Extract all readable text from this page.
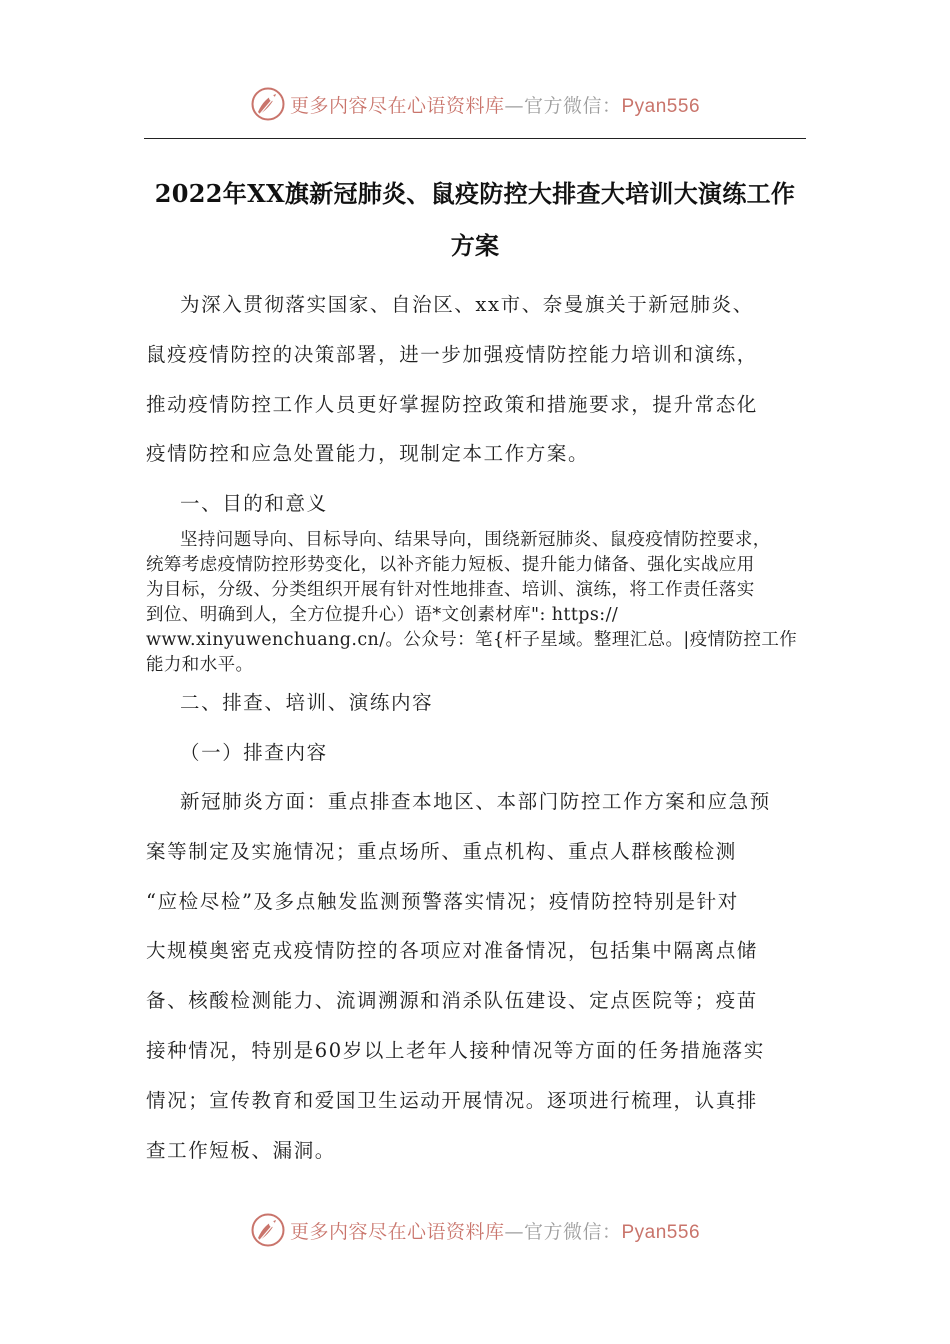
更多内容尽在心语资料库—官方微信：Pyan556
2022年XX旗新冠肺炎、鼠疫防控大排查大培训大演练工作
方案
为深入贯彻落实国家、自治区、xx市、奈曼旗关于新冠肺炎、
鼠疫疫情防控的决策部署，进一步加强疫情防控能力培训和演练，
推动疫情防控工作人员更好掌握防控政策和措施要求，提升常态化
疫情防控和应急处置能力，现制定本工作方案。
一、目的和意义
坚持问题导向、目标导向、结果导向，围绕新冠肺炎、鼠疫疫情防控要求，
统筹考虑疫情防控形势变化，以补齐能力短板、提升能力储备、强化实战应用
为目标，分级、分类组织开展有针对性地排查、培训、演练，将工作责任落实
到位、明确到人，全方位提升心）语*文创素材库": https://
www.xinyuwenchuang.cn/。公众号：笔{杆子星域。整理汇总。|疫情防控工作
能力和水平。
二、排查、培训、演练内容
（一）排查内容
新冠肺炎方面：重点排查本地区、本部门防控工作方案和应急预
案等制定及实施情况；重点场所、重点机构、重点人群核酸检测
“应检尽检”及多点触发监测预警落实情况；疫情防控特别是针对
大规模奥密克戎疫情防控的各项应对准备情况，包括集中隔离点储
备、核酸检测能力、流调溯源和消杀队伍建设、定点医院等；疫苗
接种情况，特别是60岁以上老年人接种情况等方面的任务措施落实
情况；宣传教育和爱国卫生运动开展情况。逐项进行梳理，认真排
查工作短板、漏洞。
更多内容尽在心语资料库—官方微信：Pyan556
